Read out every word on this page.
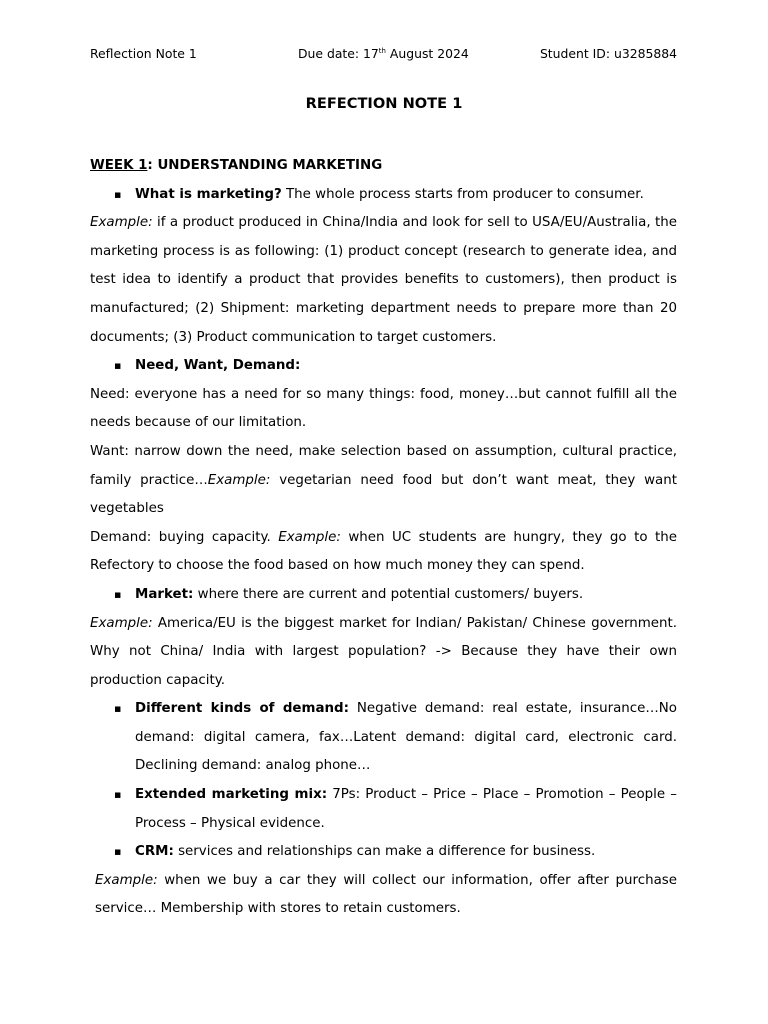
Reflection Note 1	Due date: 17th August 2024	Student ID: u3285884
REFECTION NOTE 1

WEEK 1: UNDERSTANDING MARKETING

▪ What is marketing? The whole process starts from producer to consumer.

Example: if a product produced in China/India and look for sell to USA/EU/Australia, the marketing process is as following: (1) product concept (research to generate idea, and test idea to identify a product that provides benefits to customers), then product is manufactured; (2) Shipment: marketing department needs to prepare more than 20 documents; (3) Product communication to target customers.

▪ Need, Want, Demand:

Need: everyone has a need for so many things: food, money…but cannot fulfill all the needs because of our limitation.

Want: narrow down the need, make selection based on assumption, cultural practice, family practice…Example: vegetarian need food but don’t want meat, they want vegetables

Demand: buying capacity. Example: when UC students are hungry, they go to the Refectory to choose the food based on how much money they can spend.

▪ Market: where there are current and potential customers/ buyers.

Example: America/EU is the biggest market for Indian/ Pakistan/ Chinese government. Why not China/ India with largest population? -> Because they have their own production capacity.

▪ Different kinds of demand: Negative demand: real estate, insurance…No demand: digital camera, fax…Latent demand: digital card, electronic card. Declining demand: analog phone…
▪ Extended marketing mix: 7Ps: Product – Price – Place – Promotion – People – Process – Physical evidence.
▪ CRM: services and relationships can make a difference for business.

Example: when we buy a car they will collect our information, offer after purchase service… Membership with stores to retain customers.
